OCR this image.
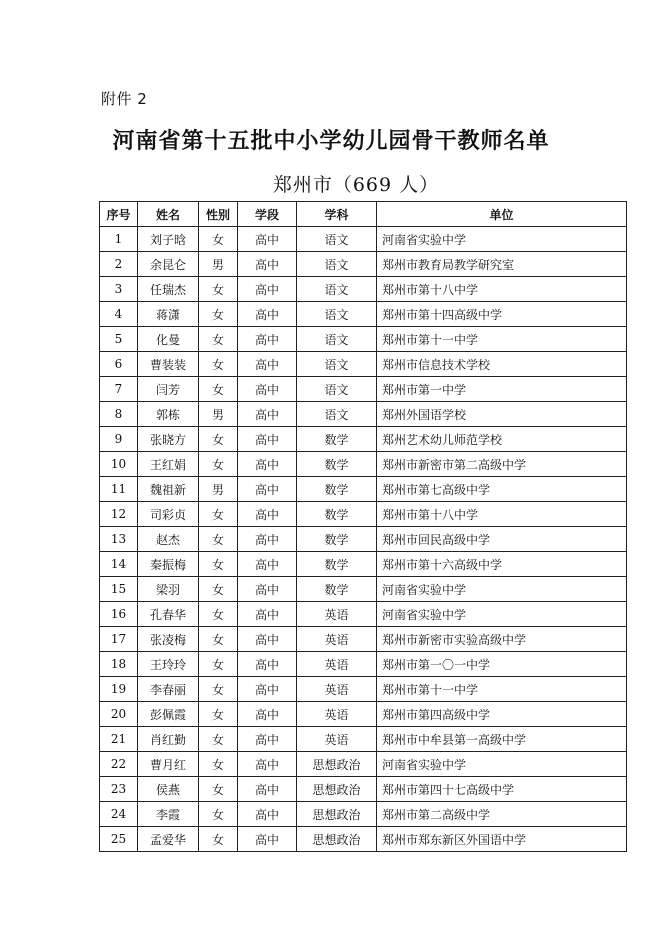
附件 2
河南省第十五批中小学幼儿园骨干教师名单
郑州市（669 人）
序号	姓名	性别	学段	学科	单位
1	刘子晗	女	高中	语文	河南省实验中学
2	余昆仑	男	高中	语文	郑州市教育局教学研究室
3	任瑞杰	女	高中	语文	郑州市第十八中学
4	蒋潇	女	高中	语文	郑州市第十四高级中学
5	化曼	女	高中	语文	郑州市第十一中学
6	曹装装	女	高中	语文	郑州市信息技术学校
7	闫芳	女	高中	语文	郑州市第一中学
8	郭栋	男	高中	语文	郑州外国语学校
9	张晓方	女	高中	数学	郑州艺术幼儿师范学校
10	王红娟	女	高中	数学	郑州市新密市第二高级中学
11	魏祖新	男	高中	数学	郑州市第七高级中学
12	司彩贞	女	高中	数学	郑州市第十八中学
13	赵杰	女	高中	数学	郑州市回民高级中学
14	秦振梅	女	高中	数学	郑州市第十六高级中学
15	梁羽	女	高中	数学	河南省实验中学
16	孔春华	女	高中	英语	河南省实验中学
17	张凌梅	女	高中	英语	郑州市新密市实验高级中学
18	王玲玲	女	高中	英语	郑州市第一〇一中学
19	李春丽	女	高中	英语	郑州市第十一中学
20	彭佩霞	女	高中	英语	郑州市第四高级中学
21	肖红勤	女	高中	英语	郑州市中牟县第一高级中学
22	曹月红	女	高中	思想政治	河南省实验中学
23	侯燕	女	高中	思想政治	郑州市第四十七高级中学
24	李霞	女	高中	思想政治	郑州市第二高级中学
25	孟爱华	女	高中	思想政治	郑州市郑东新区外国语中学
